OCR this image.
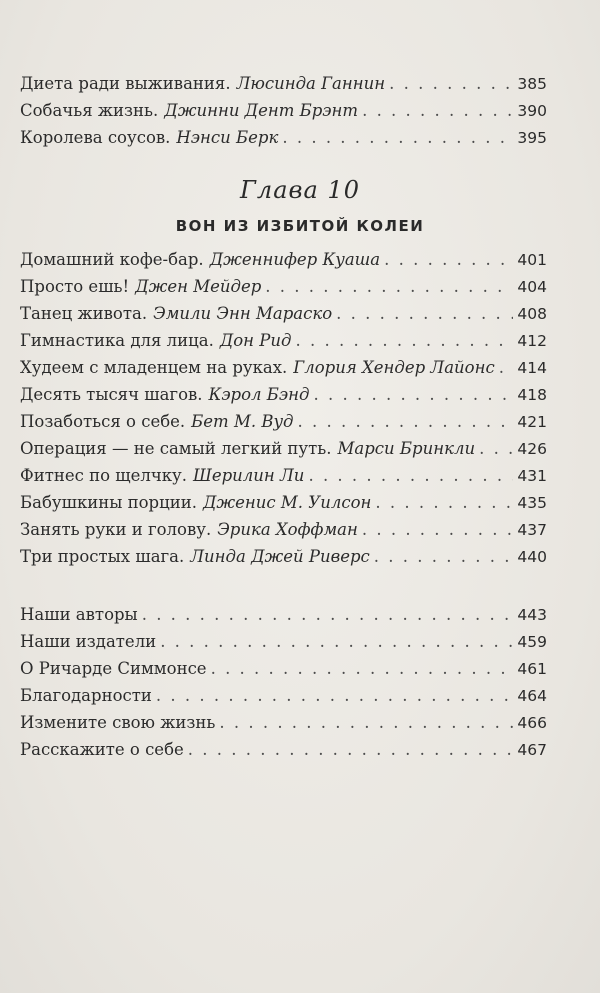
Диета ради выживания. Люсинда Ганнин . . .	385
Собачья жизнь. Джинни Дент Брэнт . . .	390
Королева соусов. Нэнси Берк . . .	395
Глава 10
ВОН ИЗ ИЗБИТОЙ КОЛЕИ
Домашний кофе-бар. Дженнифер Куаша . . .	401
Просто ешь! Джен Мейдер . . .	404
Танец живота. Эмили Энн Мараско . . .	408
Гимнастика для лица. Дон Рид . . .	412
Худеем с младенцем на руках. Глория Хендер Лайонс . . . 414
Десять тысяч шагов. Кэрол Бэнд . . .	418
Позаботься о себе. Бет М. Вуд . . .	421
Операция — не самый легкий путь. Марси Бринкли . . .	426
Фитнес по щелчку. Шерилин Ли . . .	431
Бабушкины порции. Дженис М. Уилсон . . .	435
Занять руки и голову. Эрика Хоффман . . .	437
Три простых шага. Линда Джей Риверс . . .	440
Наши авторы . . .	443
Наши издатели . . .	459
О Ричарде Симмонсе . . .	461
Благодарности . . .	464
Измените свою жизнь . . .	466
Расскажите о себе . . .	467
